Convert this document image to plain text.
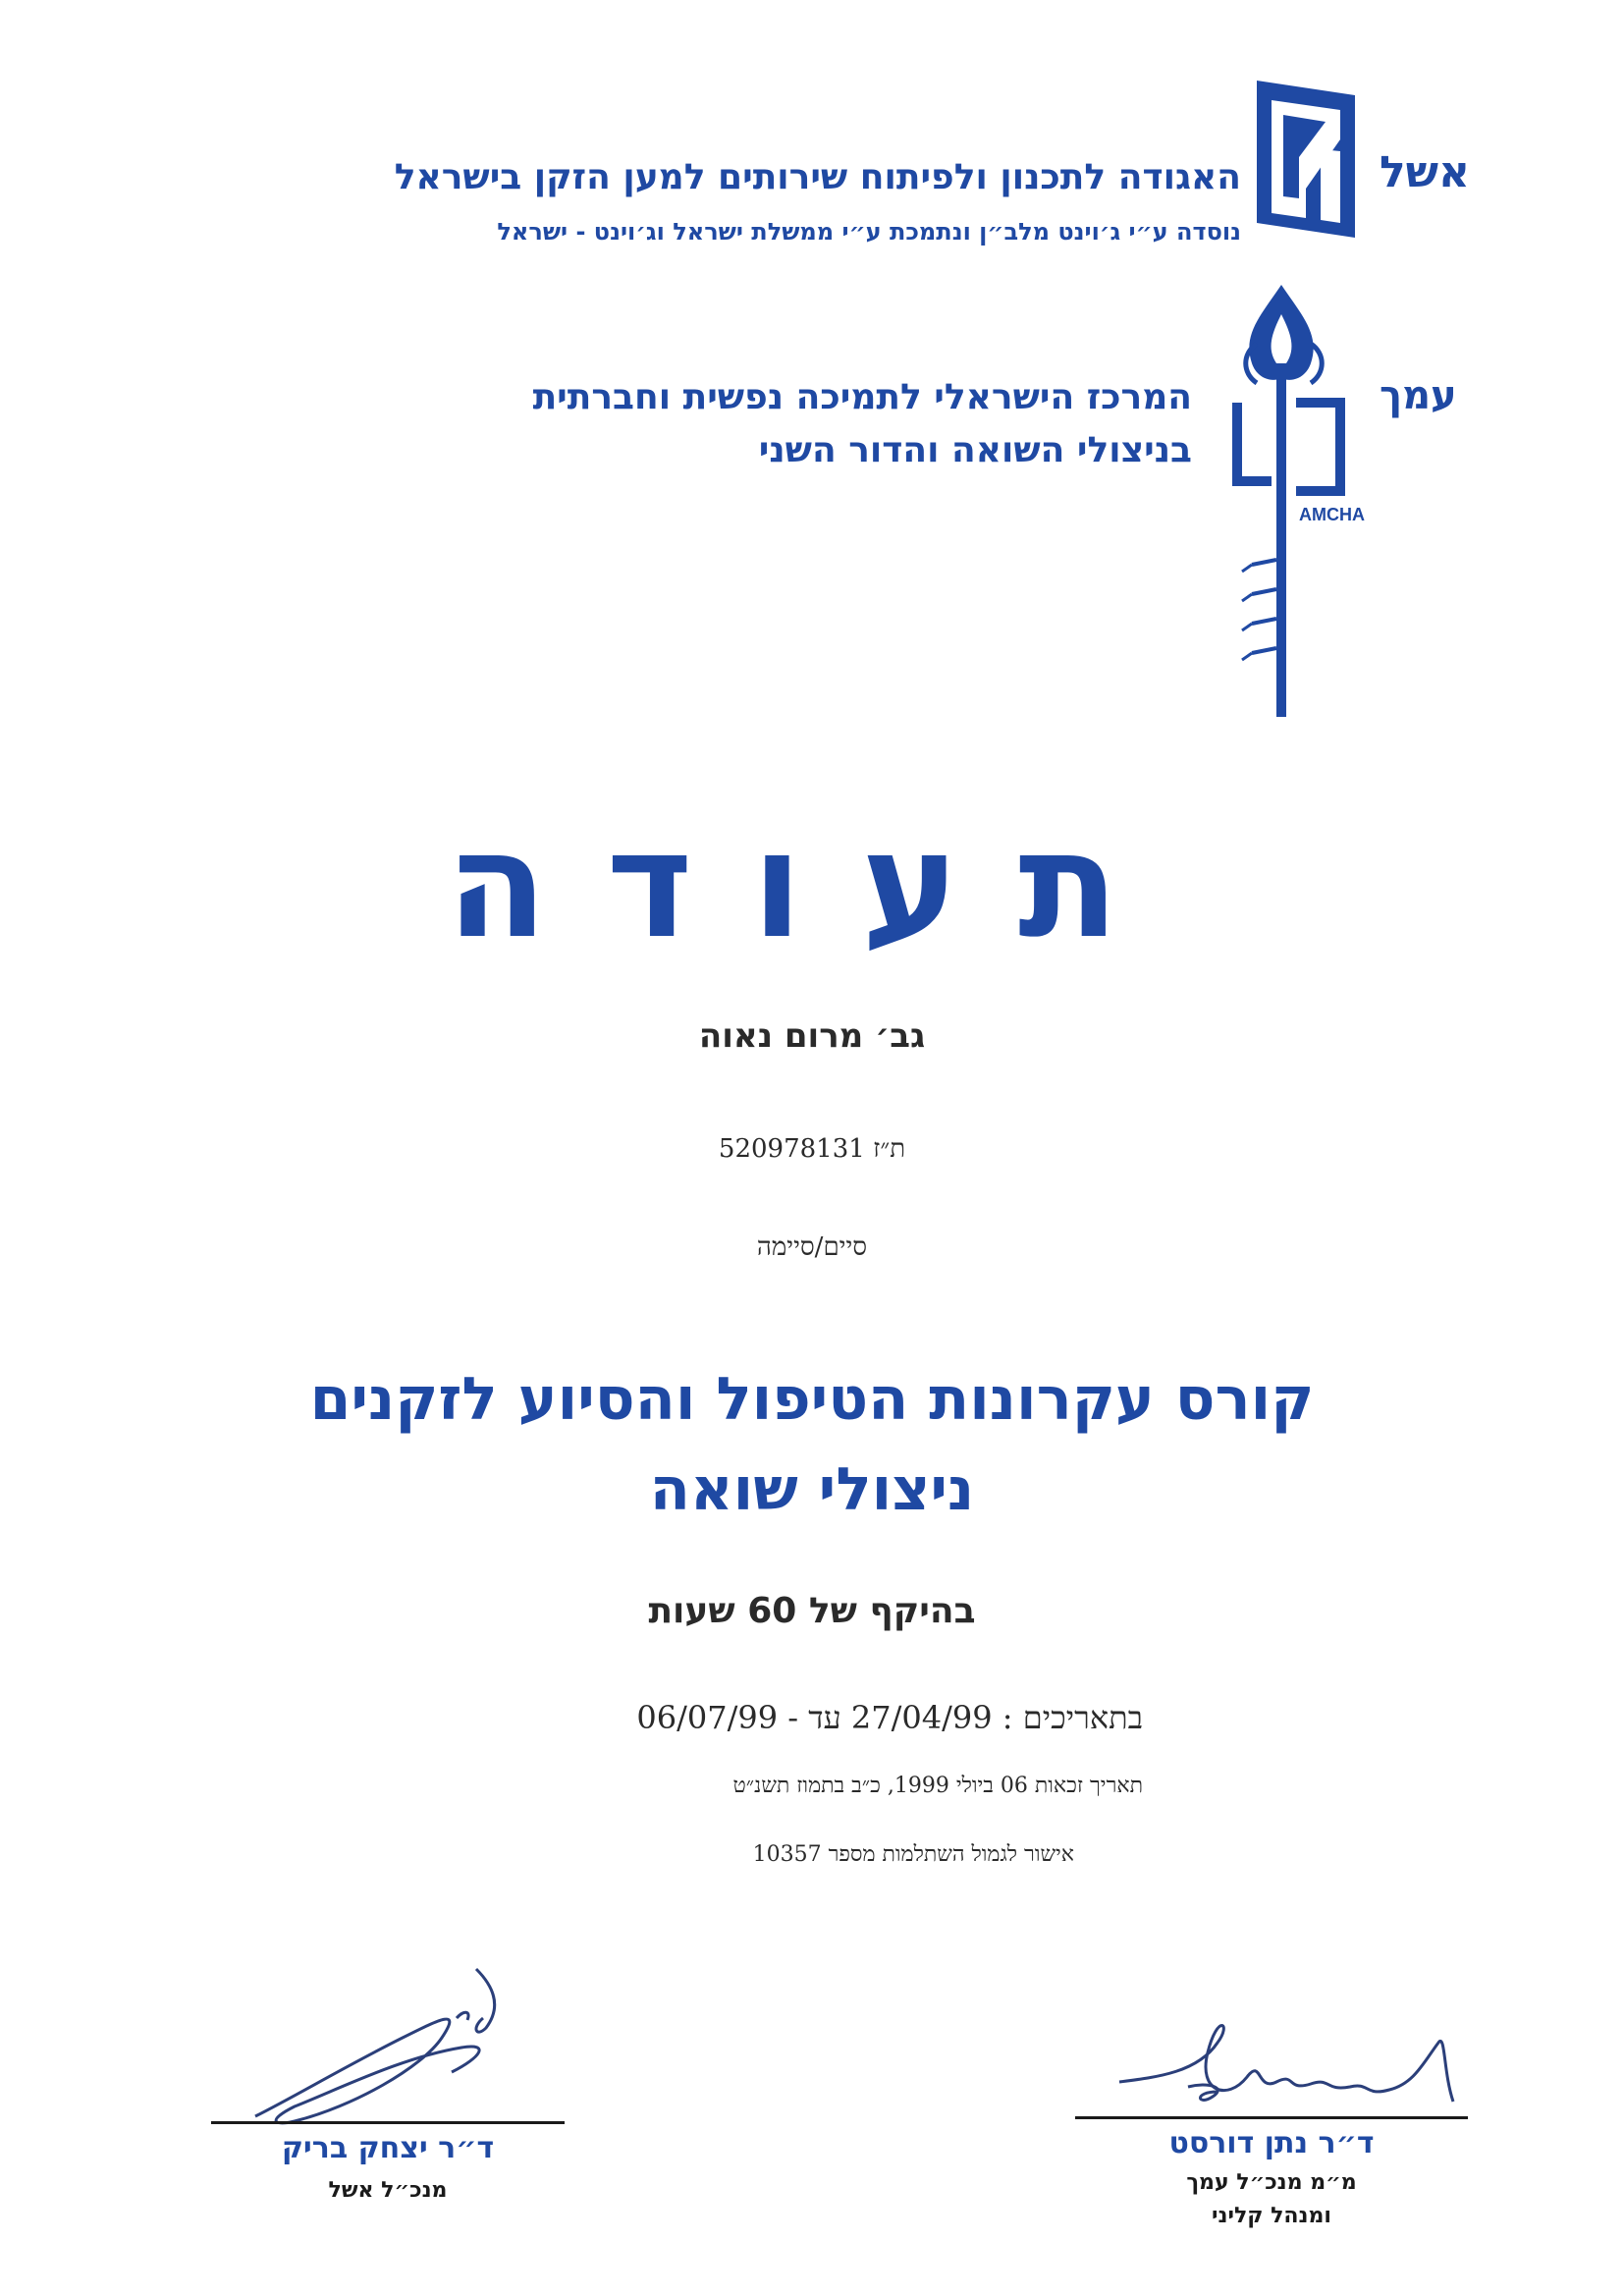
אשל
האגודה לתכנון ולפיתוח שירותים למען הזקן בישראל
נוסדה ע״י ג׳וינט מלב״ן ונתמכת ע״י ממשלת ישראל וג׳וינט - ישראל
עמך
AMCHA
המרכז הישראלי לתמיכה נפשית וחברתית
בניצולי השואה והדור השני
תעודה
גב׳ מרום נאוה
ת״ז 520978131
סיים/סיימה
קורס עקרונות הטיפול והסיוע לזקנים
ניצולי שואה
בהיקף של 60 שעות
בתאריכים : 27/04/99 עד - 06/07/99
תאריך זכאות 06 ביולי 1999, כ״ב בתמוז תשנ״ט
אישור לגמול השתלמות מספר 10357
ד״ר יצחק בריק
מנכ״ל אשל
ד״ר נתן דורסט
מ״מ מנכ״ל עמך
ומנהל קליני
